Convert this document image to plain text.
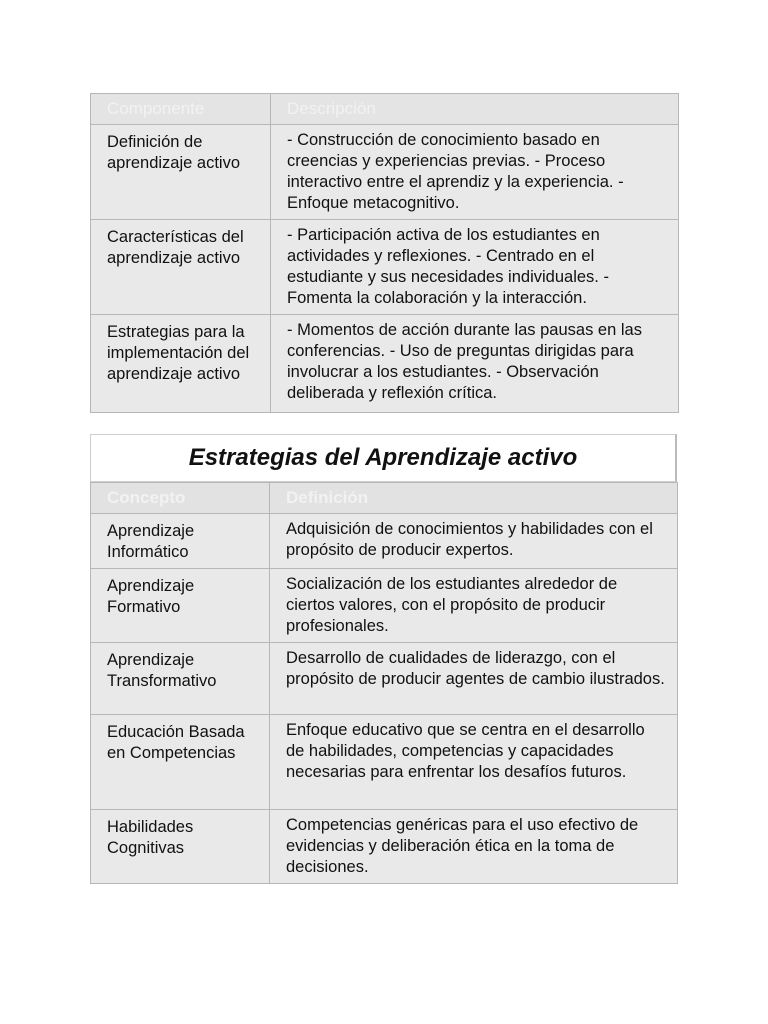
Componente	Descripción
Definición de aprendizaje activo	- Construcción de conocimiento basado en creencias y experiencias previas. - Proceso interactivo entre el aprendiz y la experiencia. - Enfoque metacognitivo.
Características del aprendizaje activo	- Participación activa de los estudiantes en actividades y reflexiones. - Centrado en el estudiante y sus necesidades individuales. - Fomenta la colaboración y la interacción.
Estrategias para la implementación del aprendizaje activo	- Momentos de acción durante las pausas en las conferencias. - Uso de preguntas dirigidas para involucrar a los estudiantes. - Observación deliberada y reflexión crítica.
Estrategias del Aprendizaje activo
Concepto	Definición
Aprendizaje Informático	Adquisición de conocimientos y habilidades con el propósito de producir expertos.
Aprendizaje Formativo	Socialización de los estudiantes alrededor de ciertos valores, con el propósito de producir profesionales.
Aprendizaje Transformativo	Desarrollo de cualidades de liderazgo, con el propósito de producir agentes de cambio ilustrados.
Educación Basada en Competencias	Enfoque educativo que se centra en el desarrollo de habilidades, competencias y capacidades necesarias para enfrentar los desafíos futuros.
Habilidades Cognitivas	Competencias genéricas para el uso efectivo de evidencias y deliberación ética en la toma de decisiones.
